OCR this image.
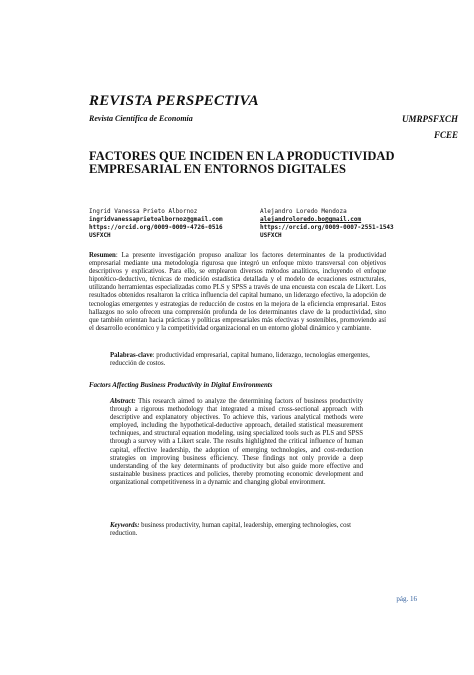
REVISTA PERSPECTIVA
Revista Científica de Economía	UMRPSFXCH
FCEE
FACTORES QUE INCIDEN EN LA PRODUCTIVIDAD EMPRESARIAL EN ENTORNOS DIGITALES
Ingrid Vanessa Prieto Albornoz
ingridvanessaprietoalbornoz@gmail.com
https://orcid.org/0009-0009-4726-0516
USFXCH
Alejandro Loredo Mendoza
alejandroloredo.bo@gmail.com
https://orcid.org/0009-0007-2551-1543
USFXCH
Resumen: La presente investigación propuso analizar los factores determinantes de la productividad empresarial mediante una metodología rigurosa que integró un enfoque mixto transversal con objetivos descriptivos y explicativos. Para ello, se emplearon diversos métodos analíticos, incluyendo el enfoque hipotético-deductivo, técnicas de medición estadística detallada y el modelo de ecuaciones estructurales, utilizando herramientas especializadas como PLS y SPSS a través de una encuesta con escala de Likert. Los resultados obtenidos resaltaron la crítica influencia del capital humano, un liderazgo efectivo, la adopción de tecnologías emergentes y estrategias de reducción de costos en la mejora de la eficiencia empresarial. Estos hallazgos no solo ofrecen una comprensión profunda de los determinantes clave de la productividad, sino que también orientan hacia prácticas y políticas empresariales más efectivas y sostenibles, promoviendo así el desarrollo económico y la competitividad organizacional en un entorno global dinámico y cambiante.
Palabras-clave: productividad empresarial, capital humano, liderazgo, tecnologías emergentes, reducción de costos.
Factors Affecting Business Productivity in Digital Environments
Abstract: This research aimed to analyze the determining factors of business productivity through a rigorous methodology that integrated a mixed cross-sectional approach with descriptive and explanatory objectives. To achieve this, various analytical methods were employed, including the hypothetical-deductive approach, detailed statistical measurement techniques, and structural equation modeling, using specialized tools such as PLS and SPSS through a survey with a Likert scale. The results highlighted the critical influence of human capital, effective leadership, the adoption of emerging technologies, and cost-reduction strategies on improving business efficiency. These findings not only provide a deep understanding of the key determinants of productivity but also guide more effective and sustainable business practices and policies, thereby promoting economic development and organizational competitiveness in a dynamic and changing global environment.
Keywords: business productivity, human capital, leadership, emerging technologies, cost reduction.
pág. 16
